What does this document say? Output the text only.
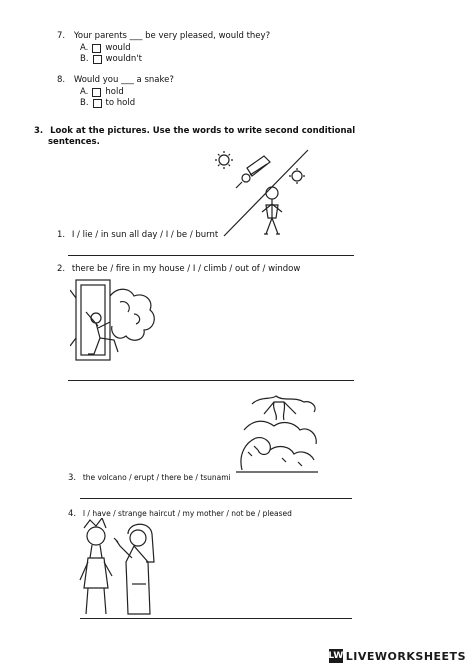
7. Your parents ___ be very pleased, would they?
A. would
B. wouldn't
8. Would you ___ a snake?
A. hold
B. to hold
3. Look at the pictures. Use the words to write second conditional
sentences.
1. I / lie / in sun all day / I / be / burnt
2. there be / fire in my house / I / climb / out of / window
3. the volcano / erupt / there be / tsunami
4. I / have / strange haircut / my mother / not be / pleased
LW LIVEWORKSHEETS
